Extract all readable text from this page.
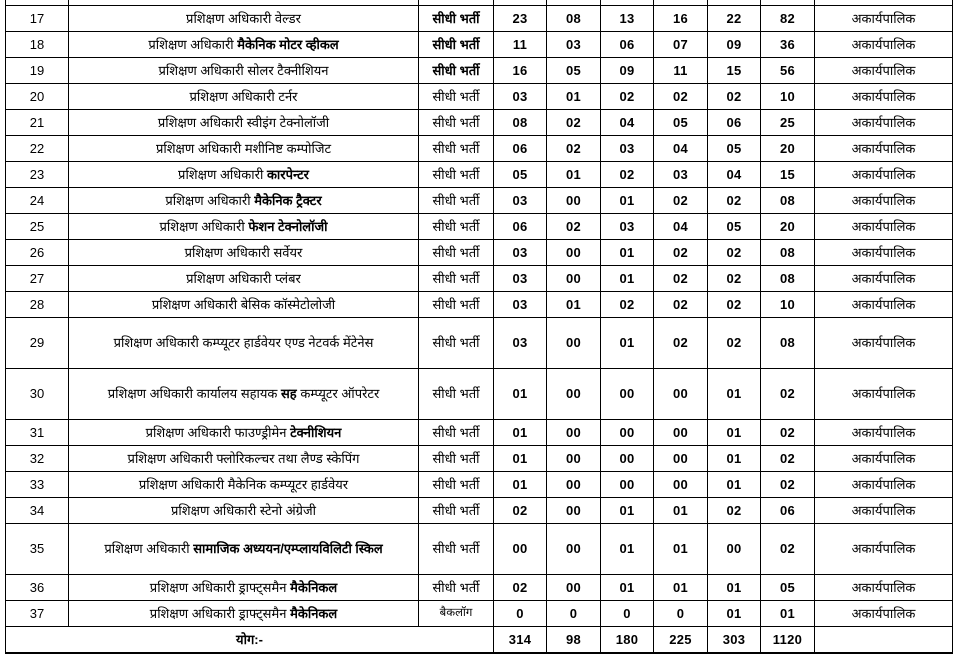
17	प्रशिक्षण अधिकारी वेल्डर	सीधी भर्ती	23	08	13	16	22	82	अकार्यपालिक
18	प्रशिक्षण अधिकारी मैकेनिक मोटर व्हीकल	सीधी भर्ती	11	03	06	07	09	36	अकार्यपालिक
19	प्रशिक्षण अधिकारी सोलर टैक्नीशियन	सीधी भर्ती	16	05	09	11	15	56	अकार्यपालिक
20	प्रशिक्षण अधिकारी टर्नर	सीधी भर्ती	03	01	02	02	02	10	अकार्यपालिक
21	प्रशिक्षण अधिकारी स्वीइंग टेक्नोलॉजी	सीधी भर्ती	08	02	04	05	06	25	अकार्यपालिक
22	प्रशिक्षण अधिकारी मशीनिष्ट कम्पोजिट	सीधी भर्ती	06	02	03	04	05	20	अकार्यपालिक
23	प्रशिक्षण अधिकारी कारपेन्टर	सीधी भर्ती	05	01	02	03	04	15	अकार्यपालिक
24	प्रशिक्षण अधिकारी मैकेनिक ट्रैक्टर	सीधी भर्ती	03	00	01	02	02	08	अकार्यपालिक
25	प्रशिक्षण अधिकारी फेशन टेक्नोलॉजी	सीधी भर्ती	06	02	03	04	05	20	अकार्यपालिक
26	प्रशिक्षण अधिकारी सर्वेयर	सीधी भर्ती	03	00	01	02	02	08	अकार्यपालिक
27	प्रशिक्षण अधिकारी प्लंबर	सीधी भर्ती	03	00	01	02	02	08	अकार्यपालिक
28	प्रशिक्षण अधिकारी बेसिक कॉस्मेटोलोजी	सीधी भर्ती	03	01	02	02	02	10	अकार्यपालिक
29	प्रशिक्षण अधिकारी कम्प्यूटर हार्डवेयर एण्ड नेटवर्क मेंटेनेस	सीधी भर्ती	03	00	01	02	02	08	अकार्यपालिक
30	प्रशिक्षण अधिकारी कार्यालय सहायक सह कम्प्यूटर ऑपरेटर	सीधी भर्ती	01	00	00	00	01	02	अकार्यपालिक
31	प्रशिक्षण अधिकारी फाउण्ड्रीमेन टेक्नीशियन	सीधी भर्ती	01	00	00	00	01	02	अकार्यपालिक
32	प्रशिक्षण अधिकारी फ्लोरिकल्चर तथा लैण्ड स्केपिंग	सीधी भर्ती	01	00	00	00	01	02	अकार्यपालिक
33	प्रशिक्षण अधिकारी मैकेनिक कम्प्यूटर हार्डवेयर	सीधी भर्ती	01	00	00	00	01	02	अकार्यपालिक
34	प्रशिक्षण अधिकारी स्टेनो अंग्रेजी	सीधी भर्ती	02	00	01	01	02	06	अकार्यपालिक
35	प्रशिक्षण अधिकारी सामाजिक अध्ययन/एम्प्लायविलिटी स्किल	सीधी भर्ती	00	00	01	01	00	02	अकार्यपालिक
36	प्रशिक्षण अधिकारी ड्राफ्ट्समैन मैकेनिकल	सीधी भर्ती	02	00	01	01	01	05	अकार्यपालिक
37	प्रशिक्षण अधिकारी ड्राफ्ट्समैन मैकेनिकल	बैकलॉग	0	0	0	0	01	01	अकार्यपालिक
योग:-			314	98	180	225	303	1120	
